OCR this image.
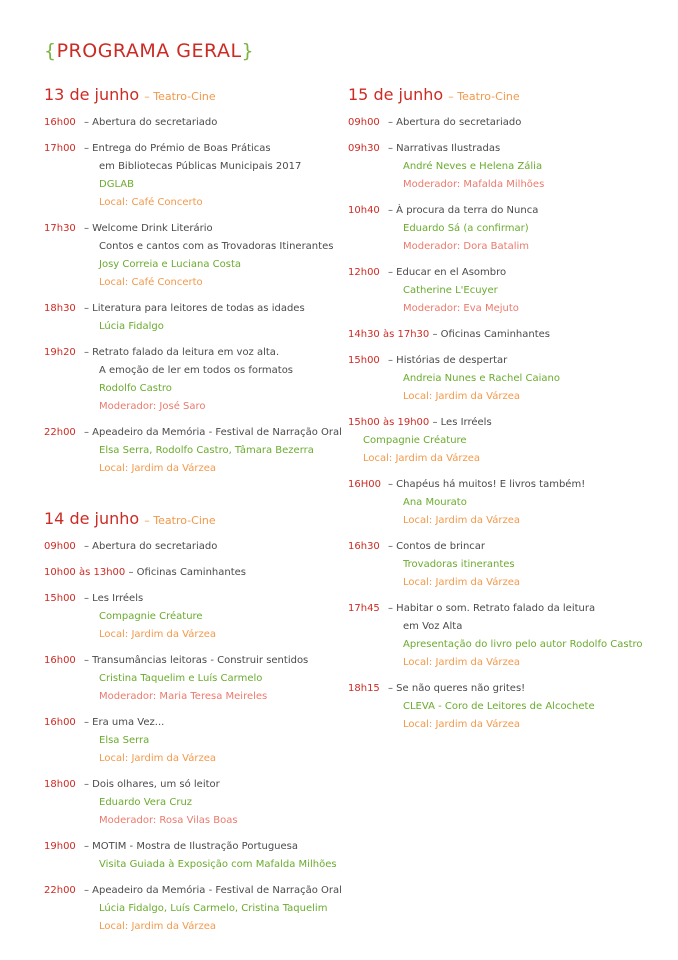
{PROGRAMA GERAL}
13 de junho – Teatro-Cine
16h00 – Abertura do secretariado
17h00 – Entrega do Prémio de Boas Práticas
em Bibliotecas Públicas Municipais 2017
DGLAB
Local: Café Concerto
17h30 – Welcome Drink Literário
Contos e cantos com as Trovadoras Itinerantes
Josy Correia e Luciana Costa
Local: Café Concerto
18h30 – Literatura para leitores de todas as idades
Lúcia Fidalgo
19h20 – Retrato falado da leitura em voz alta.
A emoção de ler em todos os formatos
Rodolfo Castro
Moderador: José Saro
22h00 – Apeadeiro da Memória - Festival de Narração Oral
Elsa Serra, Rodolfo Castro, Tâmara Bezerra
Local: Jardim da Várzea
14 de junho – Teatro-Cine
09h00 – Abertura do secretariado
10h00 às 13h00 – Oficinas Caminhantes
15h00 – Les Irréels
Compagnie Créature
Local: Jardim da Várzea
16h00 – Transumâncias leitoras - Construir sentidos
Cristina Taquelim e Luís Carmelo
Moderador: Maria Teresa Meireles
16h00 – Era uma Vez...
Elsa Serra
Local: Jardim da Várzea
18h00 – Dois olhares, um só leitor
Eduardo Vera Cruz
Moderador: Rosa Vilas Boas
19h00 – MOTIM - Mostra de Ilustração Portuguesa
Visita Guiada à Exposição com Mafalda Milhões
22h00 – Apeadeiro da Memória - Festival de Narração Oral
Lúcia Fidalgo, Luís Carmelo, Cristina Taquelim
Local: Jardim da Várzea
15 de junho – Teatro-Cine
09h00 – Abertura do secretariado
09h30 – Narrativas Ilustradas
André Neves e Helena Zália
Moderador: Mafalda Milhões
10h40 – À procura da terra do Nunca
Eduardo Sá (a confirmar)
Moderador: Dora Batalim
12h00 – Educar en el Asombro
Catherine L'Ecuyer
Moderador: Eva Mejuto
14h30 às 17h30 – Oficinas Caminhantes
15h00 – Histórias de despertar
Andreia Nunes e Rachel Caiano
Local: Jardim da Várzea
15h00 às 19h00 – Les Irréels
Compagnie Créature
Local: Jardim da Várzea
16H00 – Chapéus há muitos! E livros também!
Ana Mourato
Local: Jardim da Várzea
16h30 – Contos de brincar
Trovadoras itinerantes
Local: Jardim da Várzea
17h45 – Habitar o som. Retrato falado da leitura
em Voz Alta
Apresentação do livro pelo autor Rodolfo Castro
Local: Jardim da Várzea
18h15 – Se não queres não grites!
CLEVA - Coro de Leitores de Alcochete
Local: Jardim da Várzea
